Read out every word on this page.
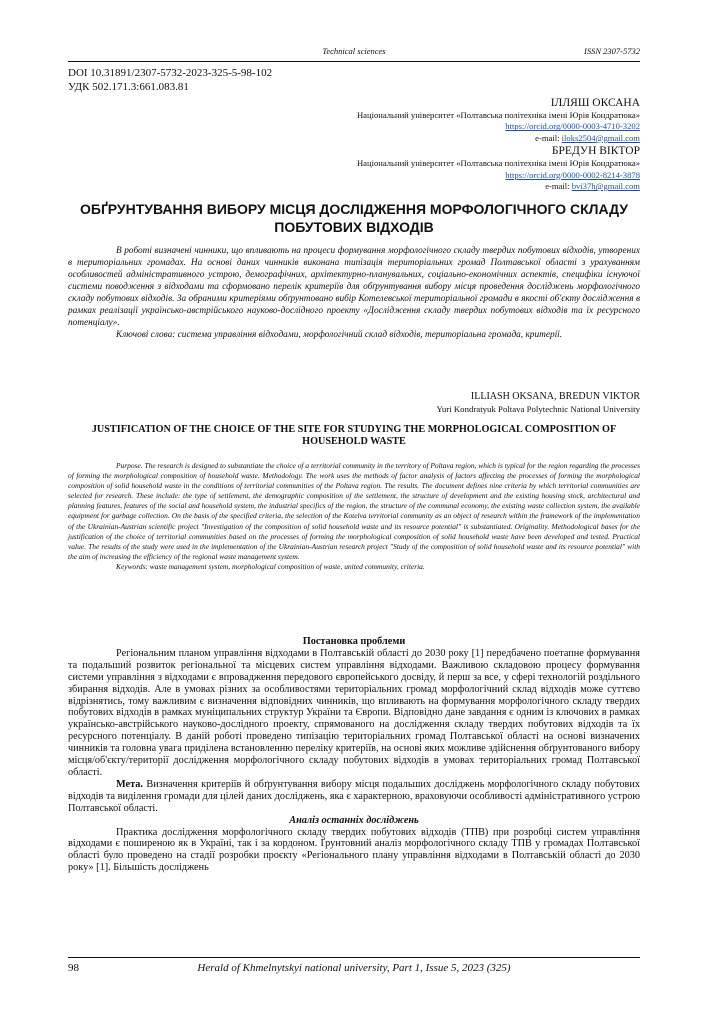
Technical sciences	ISSN 2307-5732
DOI 10.31891/2307-5732-2023-325-5-98-102
УДК 502.171.3:661.083.81
ІЛЛЯШ ОКСАНА
Національний університет «Полтавська політехніка імені Юрія Кондратюка»
https://orcid.org/0000-0003-4710-3202
e-mail: iloks2504@gmail.com
БРЕДУН ВІКТОР
Національний університет «Полтавська політехніка імені Юрія Кондратюка»
https://orcid.org/0000-0002-8214-3878
e-mail: bvi37h@gmail.com
ОБҐРУНТУВАННЯ ВИБОРУ МІСЦЯ ДОСЛІДЖЕННЯ МОРФОЛОГІЧНОГО СКЛАДУ ПОБУТОВИХ ВІДХОДІВ

В роботі визначені чинники, що впливають на процеси формування морфологічного складу твердих побутових відходів, утворених в територіальних громадах. На основі даних чинників виконана типізація територіальних громад Полтавської області з урахуванням особливостей адміністративного устрою, демографічних, архітектурно-планувальних, соціально-економічних аспектів, специфіки існуючої системи поводження з відходами та сформовано перелік критеріїв для обґрунтування вибору місця проведення досліджень морфологічного складу побутових відходів. За обраними критеріями обґрунтовано вибір Котелевської територіальної громади в якості об'єкту дослідження в рамках реалізації українсько-австрійського науково-дослідного проекту «Дослідження складу твердих побутових відходів та їх ресурсного потенціалу».

Ключові слова: система управління відходами, морфологічний склад відходів, територіальна громада, критерії.

ILLIASH OKSANA, BREDUN VIKTOR
Yuri Kondratyuk Poltava Polytechnic National University
JUSTIFICATION OF THE CHOICE OF THE SITE FOR STUDYING THE MORPHOLOGICAL COMPOSITION OF HOUSEHOLD WASTE

Purpose. The research is designed to substantiate the choice of a territorial community in the territory of Poltava region, which is typical for the region regarding the processes of forming the morphological composition of household waste. Methodology. The work uses the methods of factor analysis of factors affecting the processes of forming the morphological composition of solid household waste in the conditions of territorial communities of the Poltava region. The results. The document defines nine criteria by which territorial communities are selected for research. These include: the type of settlement, the demographic composition of the settlement, the structure of development and the existing housing stock, architectural and planning features, features of the social and household system, the industrial specifics of the region, the structure of the communal economy, the existing waste collection system, the available equipment for garbage collection. On the basis of the specified criteria, the selection of the Kotelva territorial community as an object of research within the framework of the implementation of the Ukrainian-Austrian scientific project "Investigation of the composition of solid household waste and its resource potential" is substantiated. Originality. Methodological bases for the justification of the choice of territorial communities based on the processes of forming the morphological composition of solid household waste have been developed and tested. Practical value. The results of the study were used in the implementation of the Ukrainian-Austrian research project "Study of the composition of solid household waste and its resource potential" with the aim of increasing the efficiency of the regional waste management system.

Keywords: waste management system, morphological composition of waste, united community, criteria.

Постановка проблеми

Регіональним планом управління відходами в Полтавській області до 2030 року [1] передбачено поетапне формування та подальший розвиток регіональної та місцевих систем управління відходами. Важливою складовою процесу формування системи управління з відходами є впровадження передового європейського досвіду, й перш за все, у сфері технологій роздільного збирання відходів. Але в умовах різних за особливостями територіальних громад морфологічний склад відходів може суттєво відрізнятись, тому важливим є визначення відповідних чинників, що впливають на формування морфологічного складу твердих побутових відходів в рамках муніципальних структур України та Європи. Відповідно дане завдання є одним із ключових в рамках українсько-австрійського науково-дослідного проекту, спрямованого на дослідження складу твердих побутових відходів та їх ресурсного потенціалу. В даній роботі проведено типізацію територіальних громад Полтавської області на основі визначених чинників та головна увага приділена встановленню переліку критеріїв, на основі яких можливе здійснення обґрунтованого вибору місця/об'єкту/території дослідження морфологічного складу побутових відходів в умовах територіальних громад Полтавської області.

Мета. Визначення критеріїв й обґрунтування вибору місця подальших досліджень морфологічного складу побутових відходів та виділення громади для цілей даних досліджень, яка є характерною, враховуючи особливості адміністративного устрою Полтавської області.

Аналіз останніх досліджень

Практика дослідження морфологічного складу твердих побутових відходів (ТПВ) при розробці систем управління відходами є поширеною як в Україні, так і за кордоном. Ґрунтовний аналіз морфологічного складу ТПВ у громадах Полтавської області було проведено на стадії розробки проєкту «Регіонального плану управління відходами в Полтавській області до 2030 року» [1]. Більшість досліджень

98	Herald of Khmelnytskyi national university, Part 1, Issue 5, 2023 (325)
